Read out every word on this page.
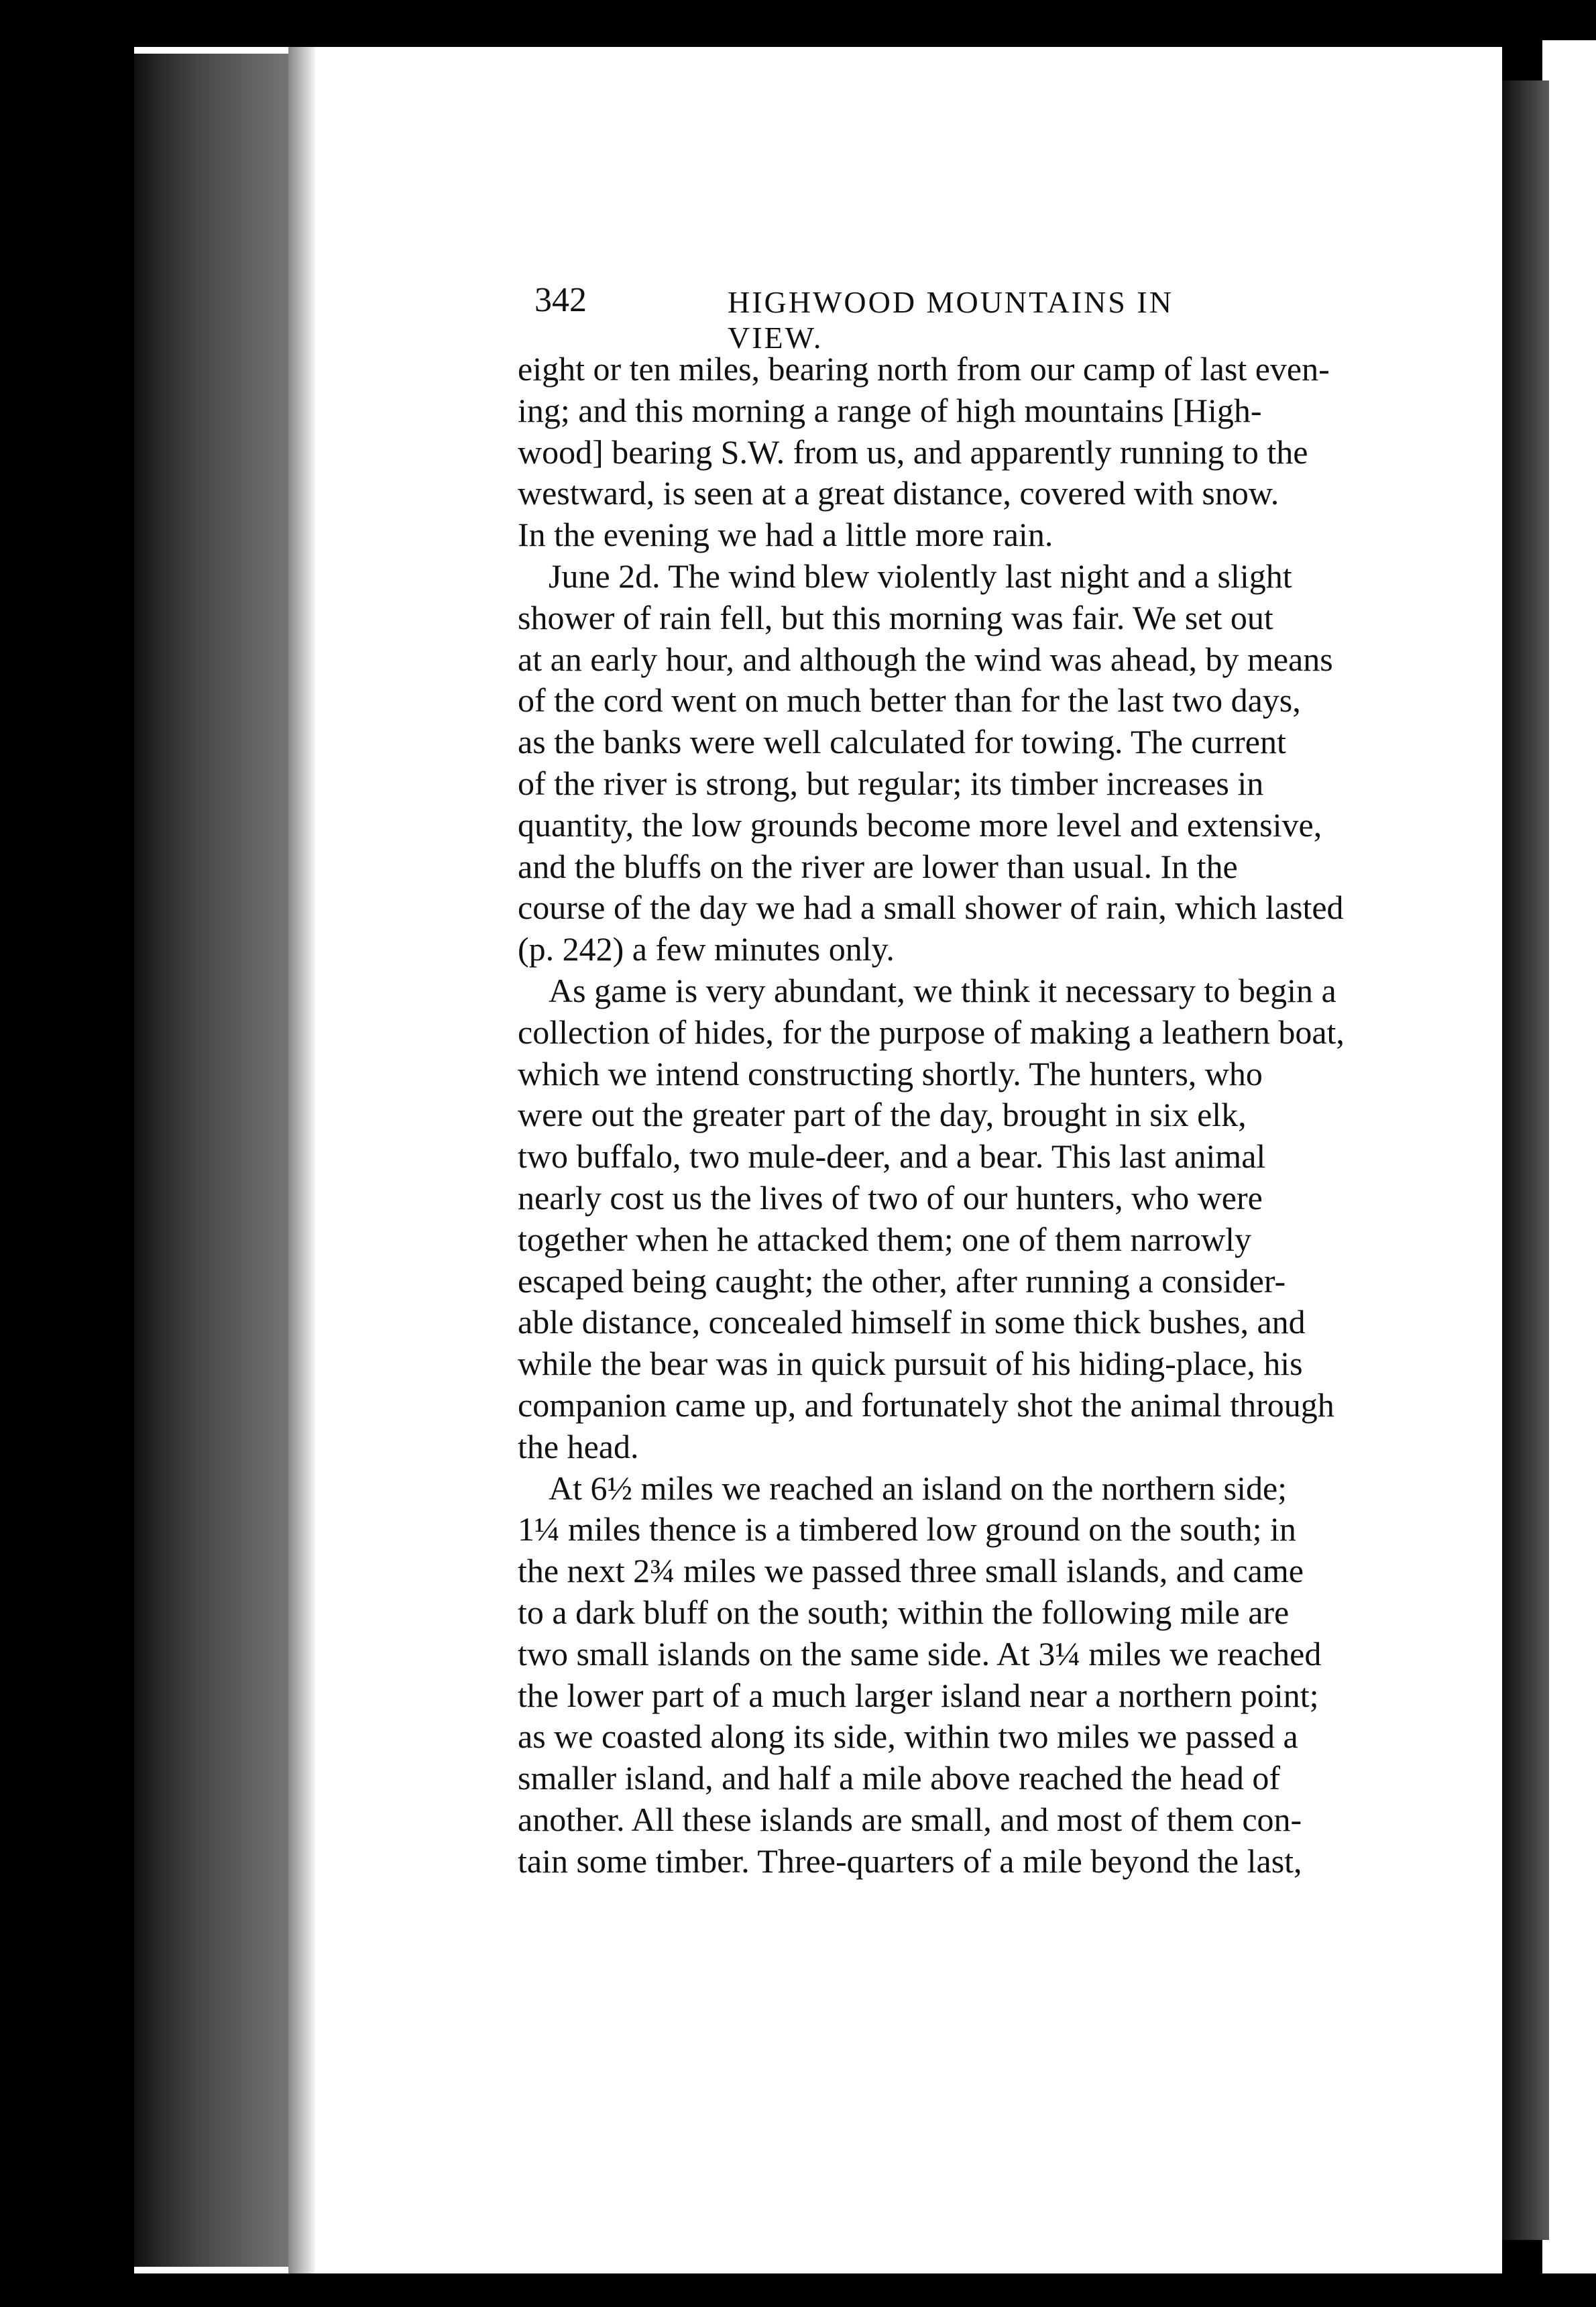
342	HIGHWOOD MOUNTAINS IN VIEW.
eight or ten miles, bearing north from our camp of last even-
ing; and this morning a range of high mountains [High-
wood] bearing S.W. from us, and apparently running to the
westward, is seen at a great distance, covered with snow.
In the evening we had a little more rain.
June 2d. The wind blew violently last night and a slight
shower of rain fell, but this morning was fair. We set out
at an early hour, and although the wind was ahead, by means
of the cord went on much better than for the last two days,
as the banks were well calculated for towing. The current
of the river is strong, but regular; its timber increases in
quantity, the low grounds become more level and extensive,
and the bluffs on the river are lower than usual. In the
course of the day we had a small shower of rain, which lasted
(p. 242) a few minutes only.
As game is very abundant, we think it necessary to begin a
collection of hides, for the purpose of making a leathern boat,
which we intend constructing shortly. The hunters, who
were out the greater part of the day, brought in six elk,
two buffalo, two mule-deer, and a bear. This last animal
nearly cost us the lives of two of our hunters, who were
together when he attacked them; one of them narrowly
escaped being caught; the other, after running a consider-
able distance, concealed himself in some thick bushes, and
while the bear was in quick pursuit of his hiding-place, his
companion came up, and fortunately shot the animal through
the head.
At 6½ miles we reached an island on the northern side;
1¼ miles thence is a timbered low ground on the south; in
the next 2¾ miles we passed three small islands, and came
to a dark bluff on the south; within the following mile are
two small islands on the same side. At 3¼ miles we reached
the lower part of a much larger island near a northern point;
as we coasted along its side, within two miles we passed a
smaller island, and half a mile above reached the head of
another. All these islands are small, and most of them con-
tain some timber. Three-quarters of a mile beyond the last,
